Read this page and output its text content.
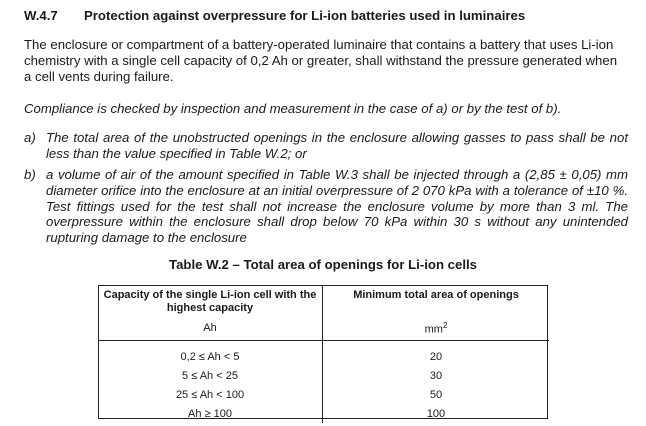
W.4.7 Protection against overpressure for Li-ion batteries used in luminaires
The enclosure or compartment of a battery-operated luminaire that contains a battery that uses Li-ion chemistry with a single cell capacity of 0,2 Ah or greater, shall withstand the pressure generated when a cell vents during failure.
Compliance is checked by inspection and measurement in the case of a) or by the test of b).
a) The total area of the unobstructed openings in the enclosure allowing gasses to pass shall be not less than the value specified in Table W.2; or
b) a volume of air of the amount specified in Table W.3 shall be injected through a (2,85 ± 0,05) mm diameter orifice into the enclosure at an initial overpressure of 2 070 kPa with a tolerance of ±10 %. Test fittings used for the test shall not increase the enclosure volume by more than 3 ml. The overpressure within the enclosure shall drop below 70 kPa within 30 s without any unintended rupturing damage to the enclosure
Table W.2 – Total area of openings for Li-ion cells
Capacity of the single Li-ion cell with the highest capacity	Minimum total area of openings
Ah	$mm^2$
0,2 ≤ Ah < 5	20
5 ≤ Ah < 25	30
25 ≤ Ah < 100	50
Ah ≥ 100	100
